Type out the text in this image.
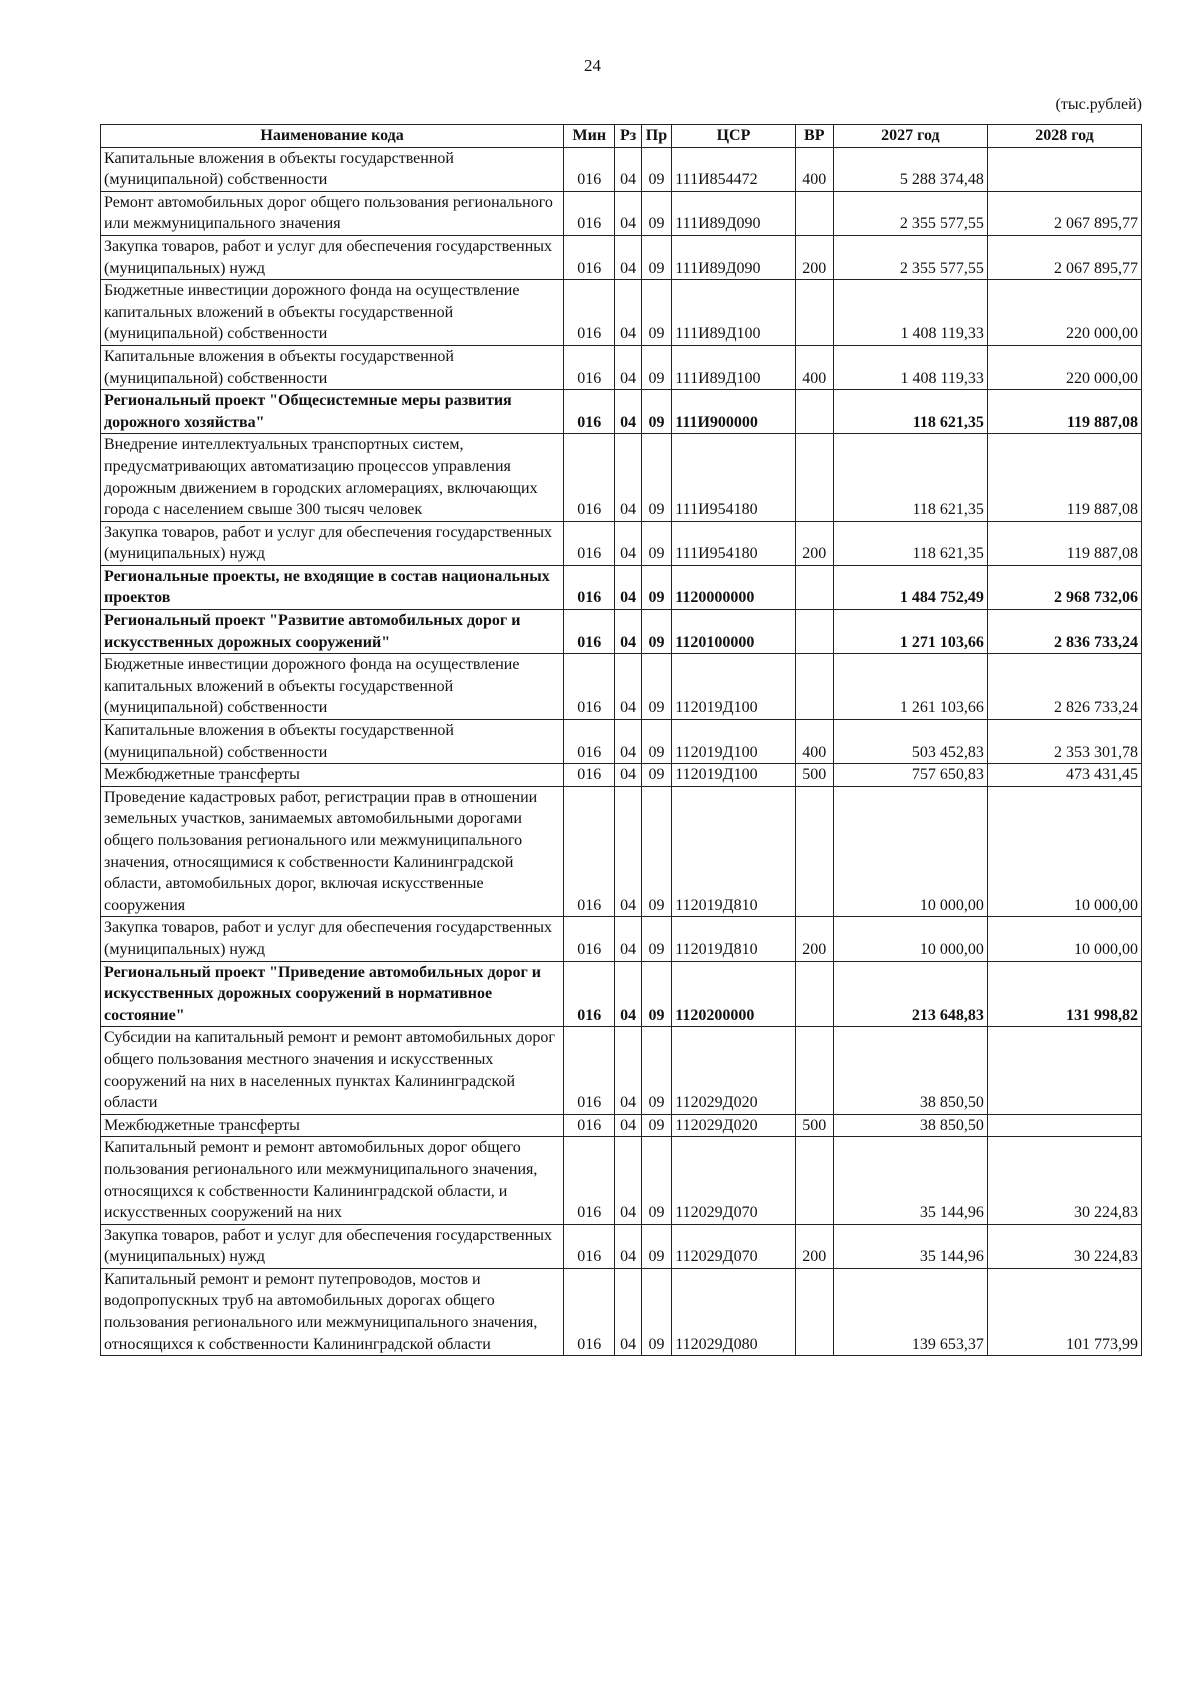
24
(тыс.рублей)
Наименование кода	Мин	Рз	Пр	ЦСР	ВР	2027 год	2028 год
Капитальные вложения в объекты государственной (муниципальной) собственности	016	04	09	111И854472	400	5 288 374,48	
Ремонт автомобильных дорог общего пользования регионального или межмуниципального значения	016	04	09	111И89Д090		2 355 577,55	2 067 895,77
Закупка товаров, работ и услуг для обеспечения государственных (муниципальных) нужд	016	04	09	111И89Д090	200	2 355 577,55	2 067 895,77
Бюджетные инвестиции дорожного фонда на осуществление капитальных вложений в объекты государственной (муниципальной) собственности	016	04	09	111И89Д100		1 408 119,33	220 000,00
Капитальные вложения в объекты государственной (муниципальной) собственности	016	04	09	111И89Д100	400	1 408 119,33	220 000,00
Региональный проект "Общесистемные меры развития дорожного хозяйства"	016	04	09	111И900000		118 621,35	119 887,08
Внедрение интеллектуальных транспортных систем, предусматривающих автоматизацию процессов управления дорожным движением в городских агломерациях, включающих города с населением свыше 300 тысяч человек	016	04	09	111И954180		118 621,35	119 887,08
Закупка товаров, работ и услуг для обеспечения государственных (муниципальных) нужд	016	04	09	111И954180	200	118 621,35	119 887,08
Региональные проекты, не входящие в состав национальных проектов	016	04	09	1120000000		1 484 752,49	2 968 732,06
Региональный проект "Развитие автомобильных дорог и искусственных дорожных сооружений"	016	04	09	1120100000		1 271 103,66	2 836 733,24
Бюджетные инвестиции дорожного фонда на осуществление капитальных вложений в объекты государственной (муниципальной) собственности	016	04	09	112019Д100		1 261 103,66	2 826 733,24
Капитальные вложения в объекты государственной (муниципальной) собственности	016	04	09	112019Д100	400	503 452,83	2 353 301,78
Межбюджетные трансферты	016	04	09	112019Д100	500	757 650,83	473 431,45
Проведение кадастровых работ, регистрации прав в отношении земельных участков, занимаемых автомобильными дорогами общего пользования регионального или межмуниципального значения, относящимися к собственности Калининградской области, автомобильных дорог, включая искусственные сооружения	016	04	09	112019Д810		10 000,00	10 000,00
Закупка товаров, работ и услуг для обеспечения государственных (муниципальных) нужд	016	04	09	112019Д810	200	10 000,00	10 000,00
Региональный проект "Приведение автомобильных дорог и искусственных дорожных сооружений в нормативное состояние"	016	04	09	1120200000		213 648,83	131 998,82
Субсидии на капитальный ремонт и ремонт автомобильных дорог общего пользования местного значения и искусственных сооружений на них в населенных пунктах Калининградской области	016	04	09	112029Д020		38 850,50	
Межбюджетные трансферты	016	04	09	112029Д020	500	38 850,50	
Капитальный ремонт и ремонт автомобильных дорог общего пользования регионального или межмуниципального значения, относящихся к собственности Калининградской области, и искусственных сооружений на них	016	04	09	112029Д070		35 144,96	30 224,83
Закупка товаров, работ и услуг для обеспечения государственных (муниципальных) нужд	016	04	09	112029Д070	200	35 144,96	30 224,83
Капитальный ремонт и ремонт путепроводов, мостов и водопропускных труб на автомобильных дорогах общего пользования регионального или межмуниципального значения, относящихся к собственности Калининградской области	016	04	09	112029Д080		139 653,37	101 773,99
